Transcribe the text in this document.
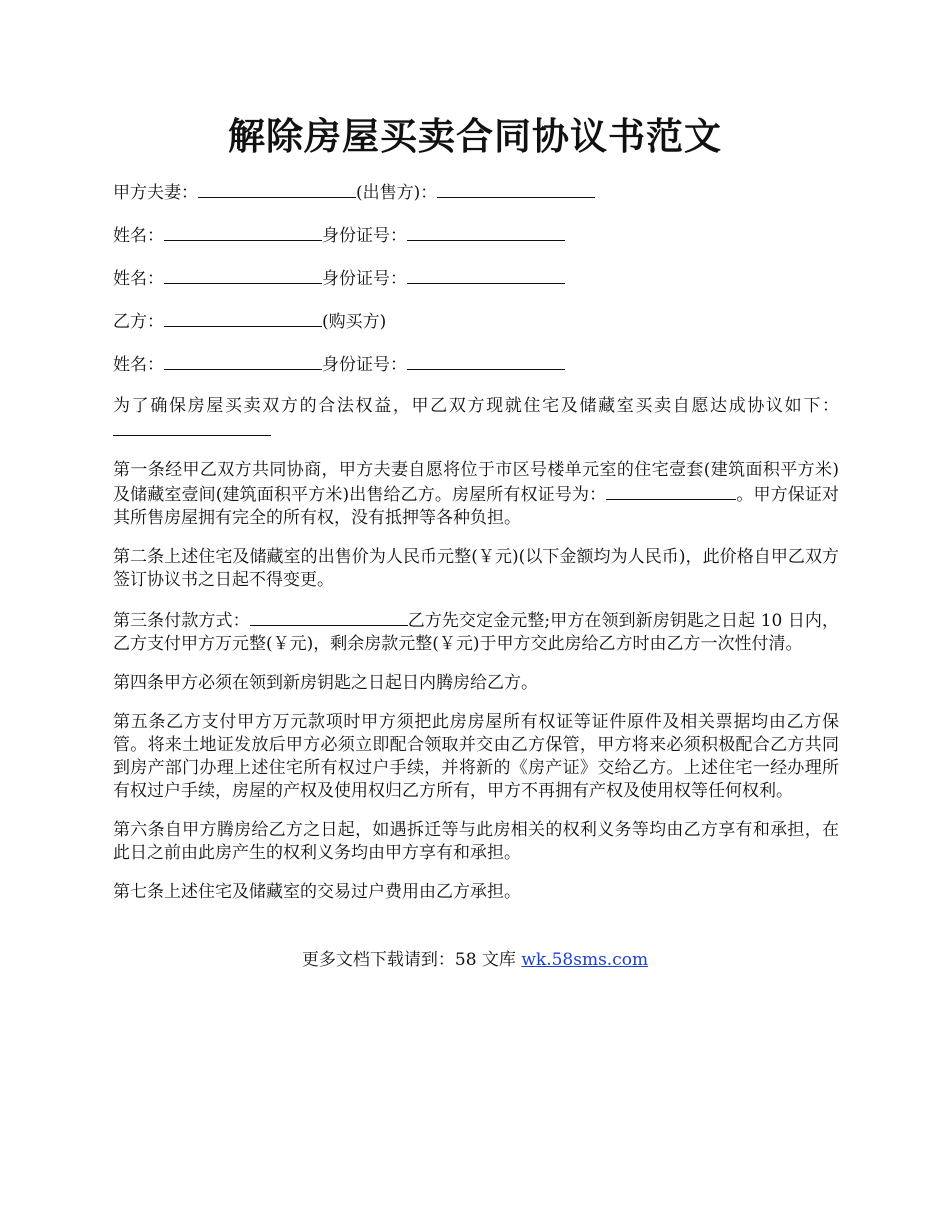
解除房屋买卖合同协议书范文

甲方夫妻：	(出售方)：

姓名：	身份证号：

姓名：	身份证号：

乙方：	(购买方)

姓名：	身份证号：

为了确保房屋买卖双方的合法权益，甲乙双方现就住宅及储藏室买卖自愿达成协议如下：

第一条经甲乙双方共同协商，甲方夫妻自愿将位于市区号楼单元室的住宅壹套(建筑面积平方米)及储藏室壹间(建筑面积平方米)出售给乙方。房屋所有权证号为：	。甲方保证对其所售房屋拥有完全的所有权，没有抵押等各种负担。

第二条上述住宅及储藏室的出售价为人民币元整(￥元)(以下金额均为人民币)，此价格自甲乙双方签订协议书之日起不得变更。

第三条付款方式：	乙方先交定金元整;甲方在领到新房钥匙之日起 10 日内，乙方支付甲方万元整(￥元)，剩余房款元整(￥元)于甲方交此房给乙方时由乙方一次性付清。

第四条甲方必须在领到新房钥匙之日起日内腾房给乙方。

第五条乙方支付甲方万元款项时甲方须把此房房屋所有权证等证件原件及相关票据均由乙方保管。将来土地证发放后甲方必须立即配合领取并交由乙方保管，甲方将来必须积极配合乙方共同到房产部门办理上述住宅所有权过户手续，并将新的《房产证》交给乙方。上述住宅一经办理所有权过户手续，房屋的产权及使用权归乙方所有，甲方不再拥有产权及使用权等任何权利。

第六条自甲方腾房给乙方之日起，如遇拆迁等与此房相关的权利义务等均由乙方享有和承担，在此日之前由此房产生的权利义务均由甲方享有和承担。

第七条上述住宅及储藏室的交易过户费用由乙方承担。

更多文档下载请到：58 文库 wk.58sms.com
